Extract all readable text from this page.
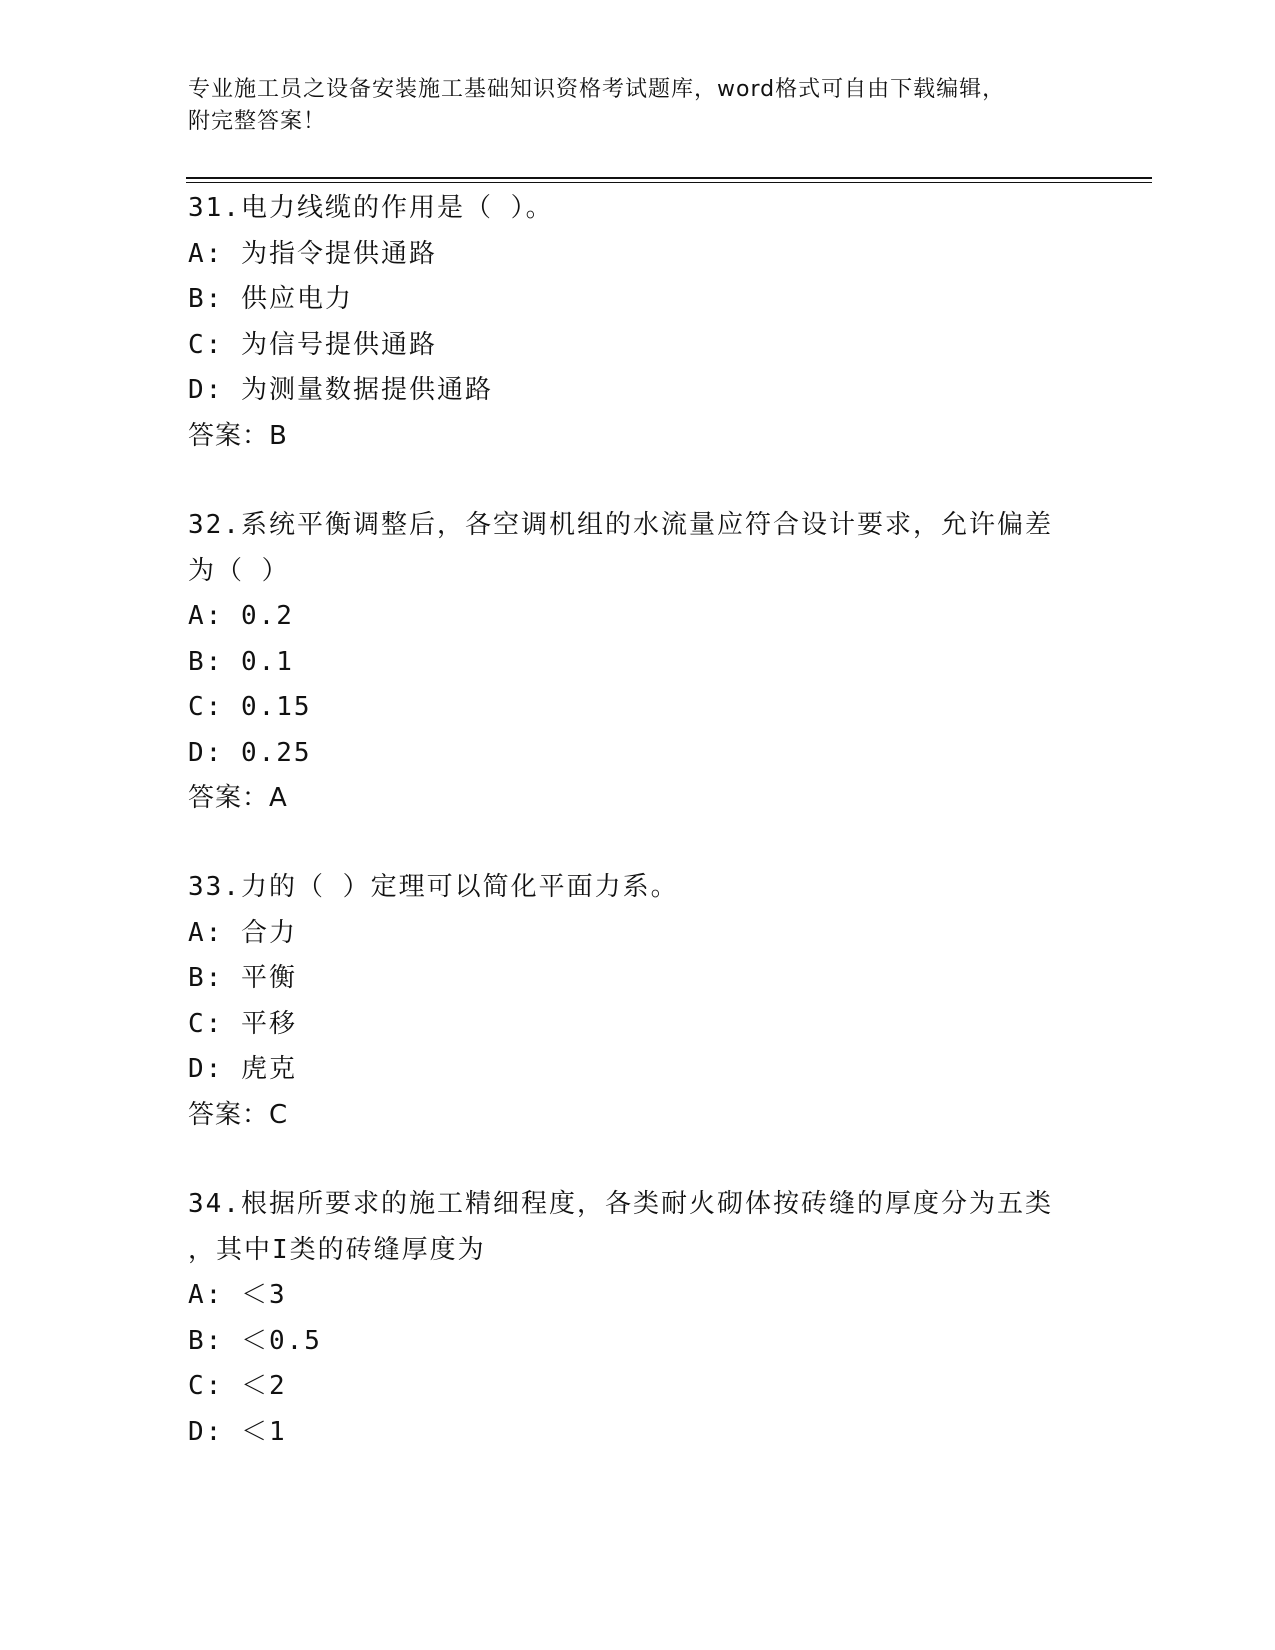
专业施工员之设备安装施工基础知识资格考试题库，word格式可自由下载编辑，
附完整答案！
31.电力线缆的作用是（ ）。
A: 为指令提供通路
B: 供应电力
C: 为信号提供通路
D: 为测量数据提供通路
答案：B
32.系统平衡调整后，各空调机组的水流量应符合设计要求，允许偏差
为（ ）
A: 0.2
B: 0.1
C: 0.15
D: 0.25
答案：A
33.力的（ ）定理可以简化平面力系。
A: 合力
B: 平衡
C: 平移
D: 虎克
答案：C
34.根据所要求的施工精细程度，各类耐火砌体按砖缝的厚度分为五类
，其中I类的砖缝厚度为
A: ＜3
B: ＜0.5
C: ＜2
D: ＜1
